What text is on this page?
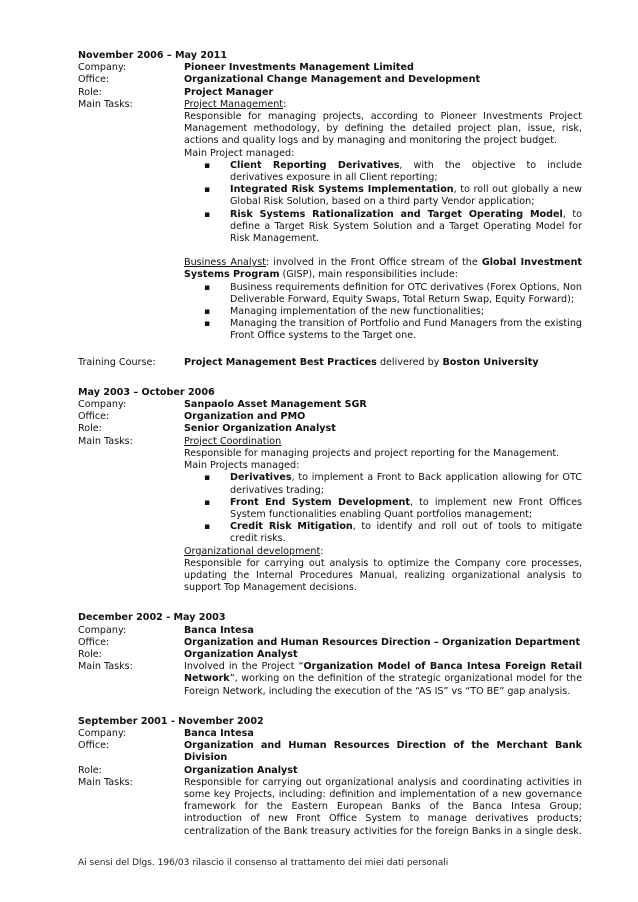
November 2006 – May 2011
Company:	Pioneer Investments Management Limited
Office:	Organizational Change Management and Development
Role:	Project Manager
Main Tasks:	Project Management:
Responsible for managing projects, according to Pioneer Investments Project Management methodology, by defining the detailed project plan, issue, risk, actions and quality logs and by managing and monitoring the project budget.
Main Project managed:
▪ Client Reporting Derivatives, with the objective to include derivatives exposure in all Client reporting;
▪ Integrated Risk Systems Implementation, to roll out globally a new Global Risk Solution, based on a third party Vendor application;
▪ Risk Systems Rationalization and Target Operating Model, to define a Target Risk System Solution and a Target Operating Model for Risk Management.
Business Analyst: involved in the Front Office stream of the Global Investment Systems Program (GISP), main responsibilities include:
▪ Business requirements definition for OTC derivatives (Forex Options, Non Deliverable Forward, Equity Swaps, Total Return Swap, Equity Forward);
▪ Managing implementation of the new functionalities;
▪ Managing the transition of Portfolio and Fund Managers from the existing Front Office systems to the Target one.
Training Course:	Project Management Best Practices delivered by Boston University
May 2003 – October 2006
Company:	Sanpaolo Asset Management SGR
Office:	Organization and PMO
Role:	Senior Organization Analyst
Main Tasks:	Project Coordination
Responsible for managing projects and project reporting for the Management.
Main Projects managed:
▪ Derivatives, to implement a Front to Back application allowing for OTC derivatives trading;
▪ Front End System Development, to implement new Front Offices System functionalities enabling Quant portfolios management;
▪ Credit Risk Mitigation, to identify and roll out of tools to mitigate credit risks.
Organizational development:
Responsible for carrying out analysis to optimize the Company core processes, updating the Internal Procedures Manual, realizing organizational analysis to support Top Management decisions.
December 2002 - May 2003
Company:	Banca Intesa
Office:	Organization and Human Resources Direction – Organization Department
Role:	Organization Analyst
Main Tasks:	Involved in the Project “Organization Model of Banca Intesa Foreign Retail Network”, working on the definition of the strategic organizational model for the Foreign Network, including the execution of the “AS IS” vs “TO BE” gap analysis.
September 2001 - November 2002
Company:	Banca Intesa
Office:	Organization and Human Resources Direction of the Merchant Bank Division
Role:	Organization Analyst
Main Tasks:	Responsible for carrying out organizational analysis and coordinating activities in some key Projects, including: definition and implementation of a new governance framework for the Eastern European Banks of the Banca Intesa Group; introduction of new Front Office System to manage derivatives products; centralization of the Bank treasury activities for the foreign Banks in a single desk.
Ai sensi del Dlgs. 196/03 rilascio il consenso al trattamento dei miei dati personali
